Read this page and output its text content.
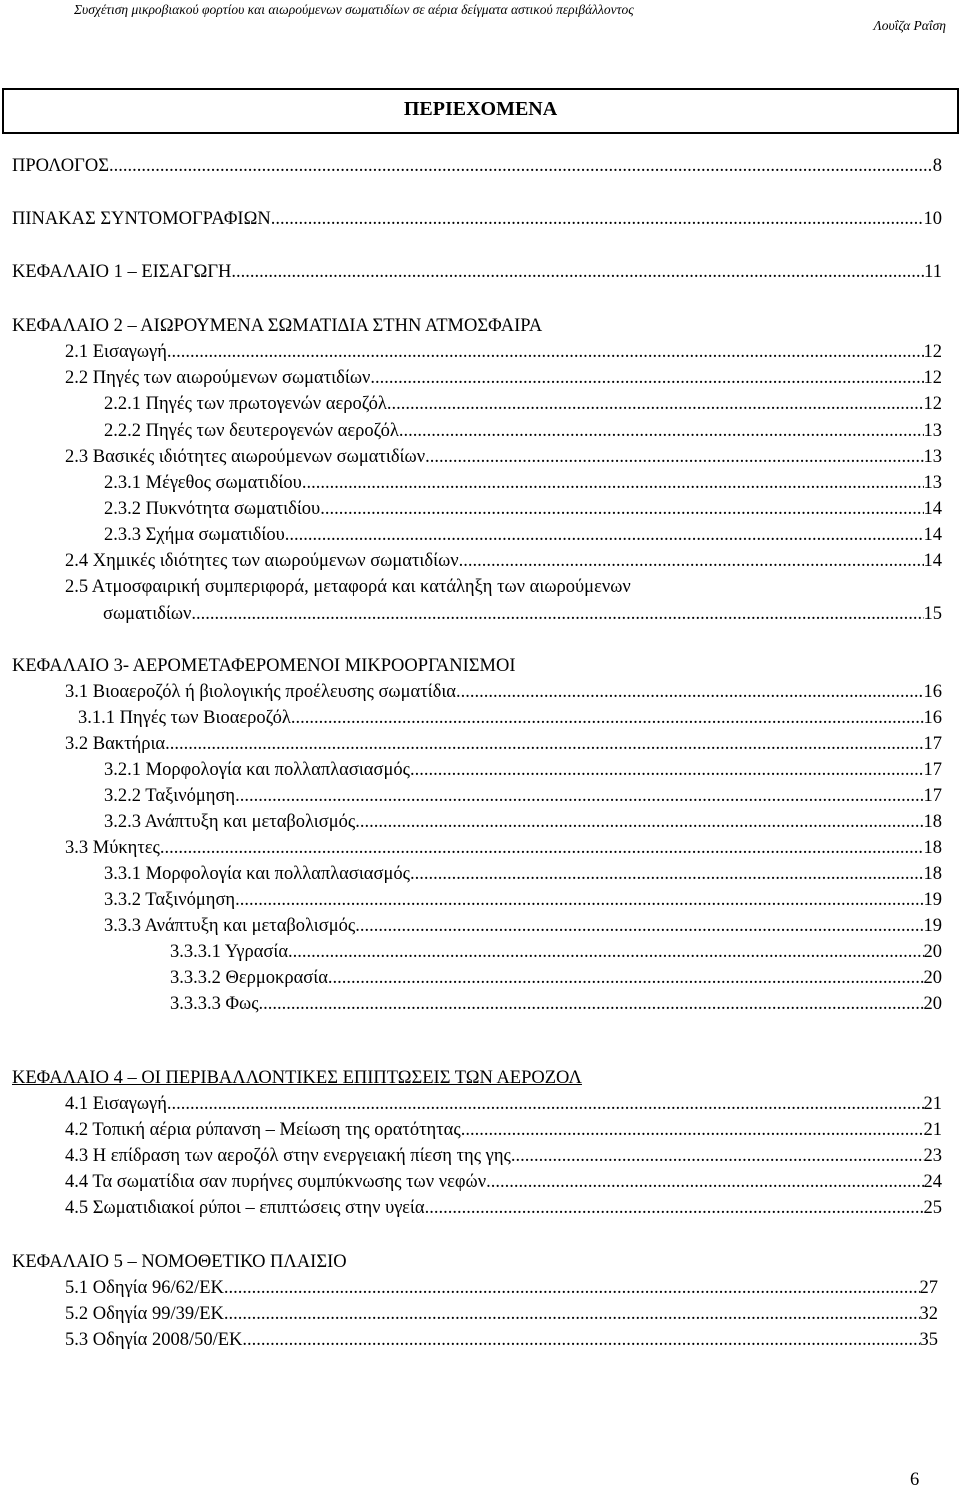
Συσχέτιση μικροβιακού φορτίου και αιωρούμενων σωματιδίων σε αέρια δείγματα αστικού περιβάλλοντος
Λουΐζα Ραΐση
ΠΕΡΙΕΧΟΜΕΝΑ
ΠΡΟΛΟΓΟΣ .....	8
ΠΙΝΑΚΑΣ ΣΥΝΤΟΜΟΓΡΑΦΙΩΝ .....	10
ΚΕΦΑΛΑΙΟ 1 – ΕΙΣΑΓΩΓΗ .....	11
ΚΕΦΑΛΑΙΟ 2 – ΑΙΩΡΟΥΜΕΝΑ ΣΩΜΑΤΙΔΙΑ ΣΤΗΝ ΑΤΜΟΣΦΑΙΡΑ
2.1 Εισαγωγή .....	12
2.2 Πηγές των αιωρούμενων σωματιδίων .....	12
2.2.1 Πηγές των πρωτογενών αεροζόλ .....	12
2.2.2 Πηγές των δευτερογενών αεροζόλ .....	13
2.3 Βασικές ιδιότητες αιωρούμενων σωματιδίων .....	13
2.3.1 Μέγεθος σωματιδίου .....	13
2.3.2 Πυκνότητα σωματιδίου .....	14
2.3.3 Σχήμα σωματιδίου .....	14
2.4 Χημικές ιδιότητες των αιωρούμενων σωματιδίων .....	14
2.5 Ατμοσφαιρική συμπεριφορά, μεταφορά και κατάληξη των αιωρούμενων
σωματιδίων .....	15
ΚΕΦΑΛΑΙΟ 3- ΑΕΡΟΜΕΤΑΦΕΡΟΜΕΝΟΙ ΜΙΚΡΟΟΡΓΑΝΙΣΜΟΙ
3.1 Βιοαεροζόλ ή βιολογικής προέλευσης σωματίδια .....	16
3.1.1 Πηγές των Βιοαεροζόλ .....	16
3.2 Βακτήρια .....	17
3.2.1 Μορφολογία και πολλαπλασιασμός .....	17
3.2.2 Ταξινόμηση .....	17
3.2.3 Ανάπτυξη και μεταβολισμός .....	18
3.3 Μύκητες .....	18
3.3.1 Μορφολογία και πολλαπλασιασμός .....	18
3.3.2 Ταξινόμηση .....	19
3.3.3 Ανάπτυξη και μεταβολισμός .....	19
3.3.3.1 Υγρασία .....	20
3.3.3.2 Θερμοκρασία .....	20
3.3.3.3 Φως .....	20
ΚΕΦΑΛΑΙΟ 4 – ΟΙ ΠΕΡΙΒΑΛΛΟΝΤΙΚΕΣ ΕΠΙΠΤΩΣΕΙΣ ΤΩΝ ΑΕΡΟΖΟΛ
4.1 Εισαγωγή .....	21
4.2 Τοπική αέρια ρύπανση – Μείωση της ορατότητας .....	21
4.3 Η επίδραση των αεροζόλ στην ενεργειακή πίεση της γης .....	23
4.4 Τα σωματίδια σαν πυρήνες συμπύκνωσης των νεφών .....	24
4.5 Σωματιδιακοί ρύποι – επιπτώσεις στην υγεία .....	25
ΚΕΦΑΛΑΙΟ 5 – ΝΟΜΟΘΕΤΙΚΟ ΠΛΑΙΣΙΟ
5.1 Οδηγία 96/62/ΕΚ .....	27
5.2 Οδηγία 99/39/ΕΚ .....	32
5.3 Οδηγία 2008/50/ΕΚ .....	35
6
